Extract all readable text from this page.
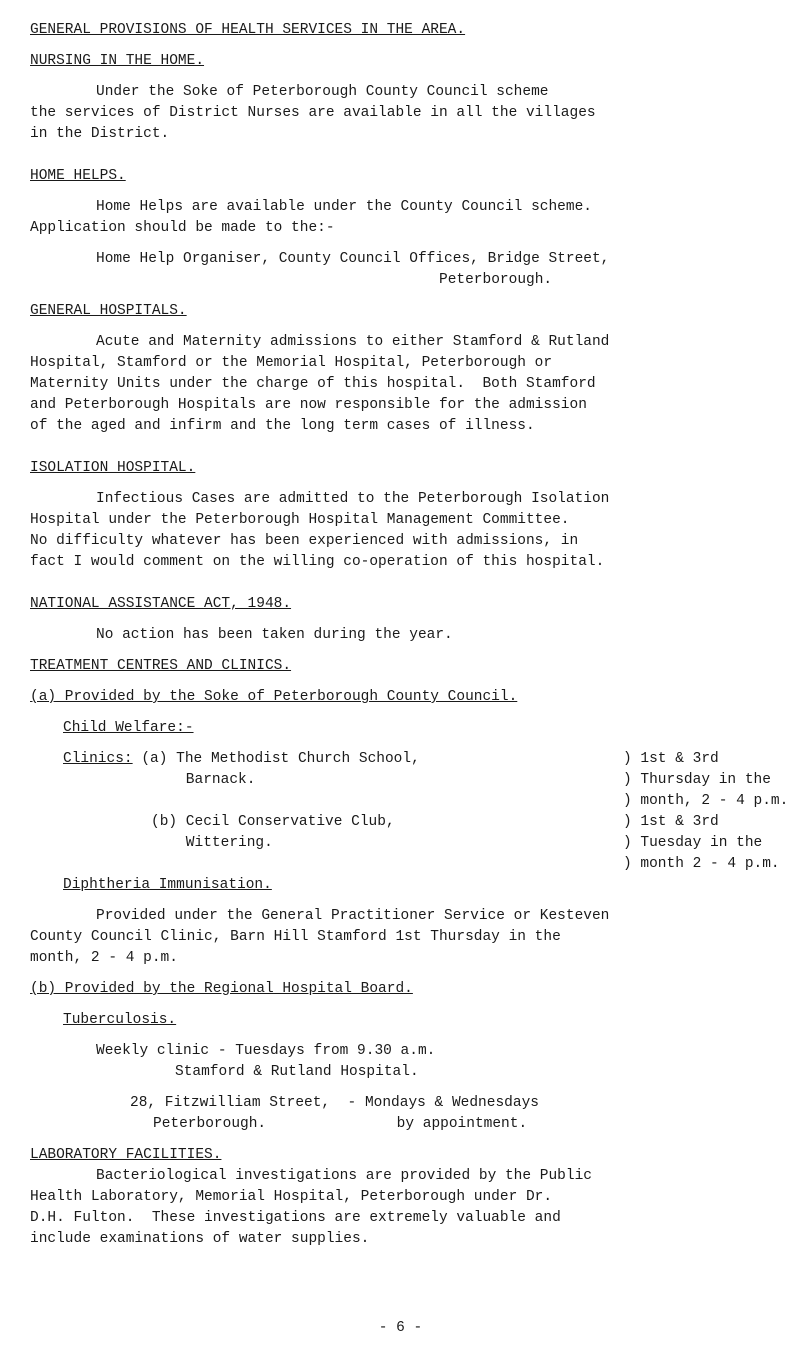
GENERAL PROVISIONS OF HEALTH SERVICES IN THE AREA.
NURSING IN THE HOME.
Under the Soke of Peterborough County Council scheme
the services of District Nurses are available in all the villages
in the District.
HOME HELPS.
Home Helps are available under the County Council scheme.
Application should be made to the:-
Home Help Organiser, County Council Offices, Bridge Street,
Peterborough.
GENERAL HOSPITALS.
Acute and Maternity admissions to either Stamford & Rutland
Hospital, Stamford or the Memorial Hospital, Peterborough or
Maternity Units under the charge of this hospital.  Both Stamford
and Peterborough Hospitals are now responsible for the admission
of the aged and infirm and the long term cases of illness.
ISOLATION HOSPITAL.
Infectious Cases are admitted to the Peterborough Isolation
Hospital under the Peterborough Hospital Management Committee.
No difficulty whatever has been experienced with admissions, in
fact I would comment on the willing co-operation of this hospital.
NATIONAL ASSISTANCE ACT, 1948.
No action has been taken during the year.
TREATMENT CENTRES AND CLINICS.
(a) Provided by the Soke of Peterborough County Council.
Child Welfare:-
Clinics: (a) The Methodist Church School,	) 1st & 3rd
Barnack.	) Thursday in the
) month, 2 - 4 p.m.
(b) Cecil Conservative Club,	) 1st & 3rd
Wittering.	) Tuesday in the
) month 2 - 4 p.m.
Diphtheria Immunisation.
Provided under the General Practitioner Service or Kesteven
County Council Clinic, Barn Hill Stamford 1st Thursday in the
month, 2 - 4 p.m.
(b) Provided by the Regional Hospital Board.
Tuberculosis.
Weekly clinic - Tuesdays from 9.30 a.m.
Stamford & Rutland Hospital.
28, Fitzwilliam Street,  - Mondays & Wednesdays
Peterborough.               by appointment.
LABORATORY FACILITIES.
Bacteriological investigations are provided by the Public
Health Laboratory, Memorial Hospital, Peterborough under Dr.
D.H. Fulton.  These investigations are extremely valuable and
include examinations of water supplies.
- 6 -
